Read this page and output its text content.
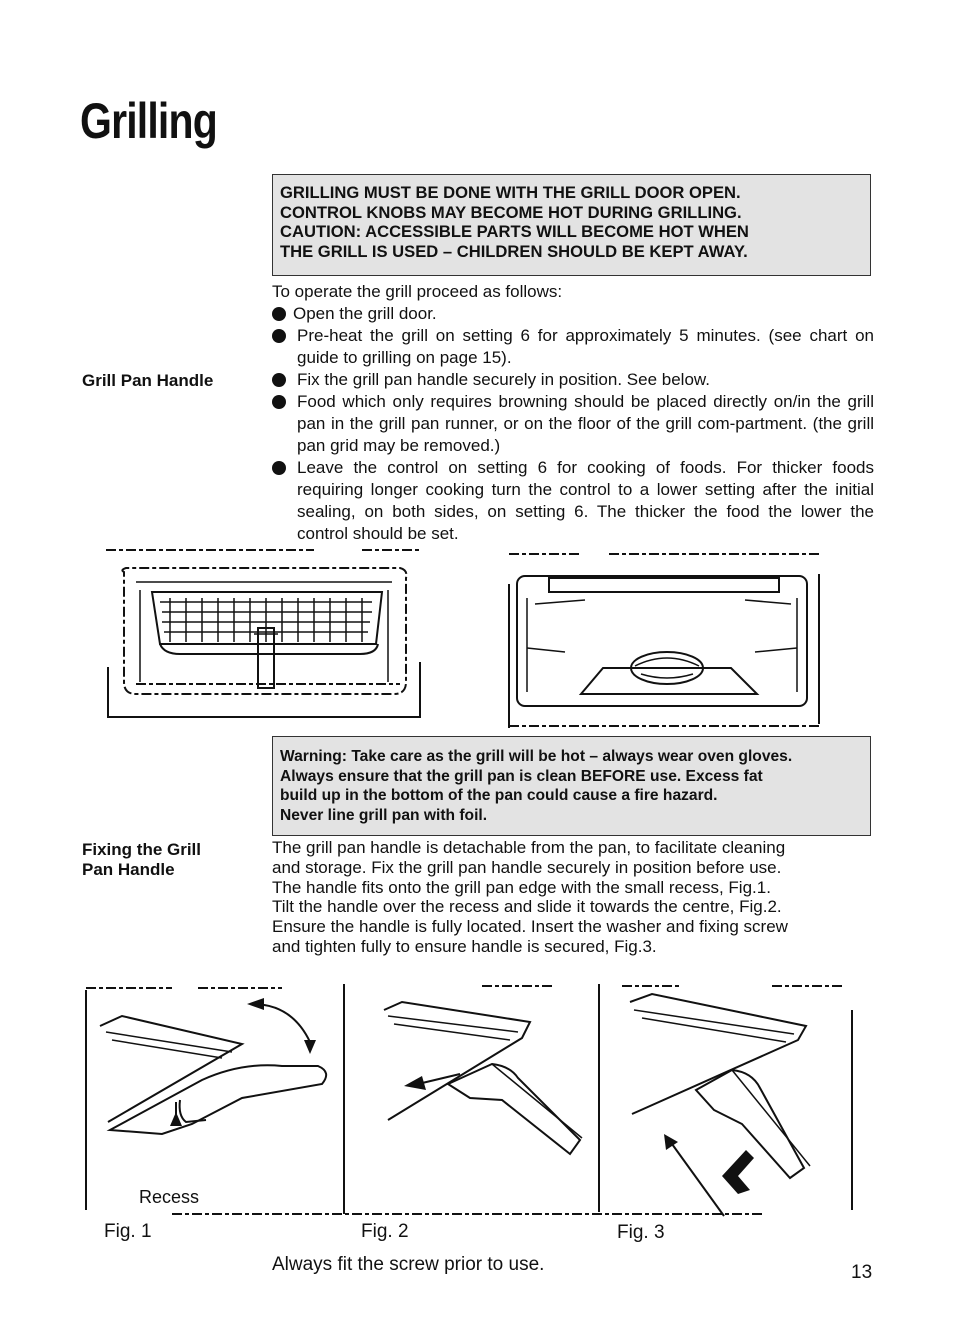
Grilling
GRILLING MUST BE DONE WITH THE GRILL DOOR OPEN.
CONTROL KNOBS MAY BECOME HOT DURING GRILLING.
CAUTION: ACCESSIBLE PARTS WILL BECOME HOT WHEN
THE GRILL IS USED – CHILDREN SHOULD BE KEPT AWAY.
To operate the grill proceed as follows:
Open the grill door.
Pre-heat the grill on setting 6 for approximately 5 minutes. (see chart on guide to grilling on page 15).
Fix the grill pan handle securely in position. See below.
Food which only requires browning should be placed directly on/in the grill pan in the grill pan runner, or on the floor of the grill com-partment. (the grill pan grid may be removed.)
Leave the control on setting 6 for cooking of foods. For thicker foods requiring longer cooking turn the control to a lower setting after the initial sealing, on both sides, on setting 6. The thicker the food the lower the control should be set.
Grill Pan Handle
Warning: Take care as the grill will be hot – always wear oven gloves.
Always ensure that the grill pan is clean BEFORE use. Excess fat
build up in the bottom of the pan could cause a fire hazard.
Never line grill pan with foil.
Fixing the Grill
Pan Handle
The grill pan handle is detachable from the pan, to facilitate cleaning
and storage. Fix the grill pan handle securely in position before use.
The handle fits onto the grill pan edge with the small recess, Fig.1.
Tilt the handle over the recess and slide it towards the centre, Fig.2.
Ensure the handle is fully located. Insert the washer and fixing screw
and tighten fully to ensure handle is secured, Fig.3.
Recess
Fig. 1	Fig. 2	Fig. 3
Always fit the screw prior to use.	13
